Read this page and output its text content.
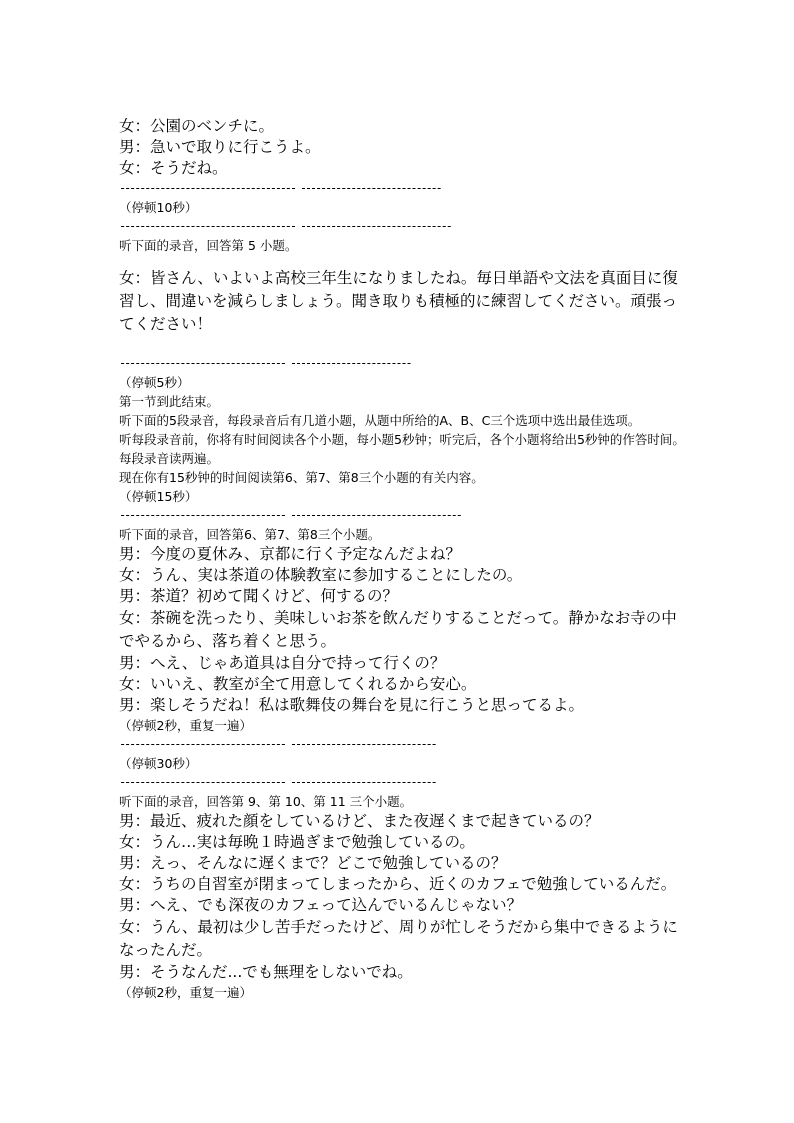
女：公園のベンチに。
男：急いで取りに行こうよ。
女：そうだね。
----------------------------------- ----------------------------
（停顿10秒）
----------------------------------- ------------------------------
听下面的录音，回答第 5 小题。
女：皆さん、いよいよ高校三年生になりましたね。毎日単語や文法を真面目に復習し、間違いを減らしましょう。聞き取りも積極的に練習してください。頑張ってください！
--------------------------------- ------------------------
（停顿5秒）
第一节到此结束。
听下面的5段录音，每段录音后有几道小题，从题中所给的A、B、C三个选项中选出最佳选项。
听每段录音前，你将有时间阅读各个小题，每小题5秒钟；听完后，各个小题将给出5秒钟的作答时间。每段录音读两遍。
现在你有15秒钟的时间阅读第6、第7、第8三个小题的有关内容。
（停顿15秒）
--------------------------------- ----------------------------------
听下面的录音，回答第6、第7、第8三个小题。
男：今度の夏休み、京都に行く予定なんだよね？
女：うん、実は茶道の体験教室に参加することにしたの。
男：茶道？初めて聞くけど、何するの？
女：茶碗を洗ったり、美味しいお茶を飲んだりすることだって。静かなお寺の中でやるから、落ち着くと思う。
男：へえ、じゃあ道具は自分で持って行くの？
女：いいえ、教室が全て用意してくれるから安心。
男：楽しそうだね！私は歌舞伎の舞台を見に行こうと思ってるよ。
（停顿2秒，重复一遍）
--------------------------------- -----------------------------
（停顿30秒）
--------------------------------- -----------------------------
听下面的录音，回答第 9、第 10、第 11 三个小题。
男：最近、疲れた顔をしているけど、また夜遅くまで起きているの？
女：うん…実は毎晩１時過ぎまで勉強しているの。
男：えっ、そんなに遅くまで？どこで勉強しているの？
女：うちの自習室が閉まってしまったから、近くのカフェで勉強しているんだ。
男：へえ、でも深夜のカフェって込んでいるんじゃない？
女：うん、最初は少し苦手だったけど、周りが忙しそうだから集中できるようになったんだ。
男：そうなんだ...でも無理をしないでね。
（停顿2秒，重复一遍）
